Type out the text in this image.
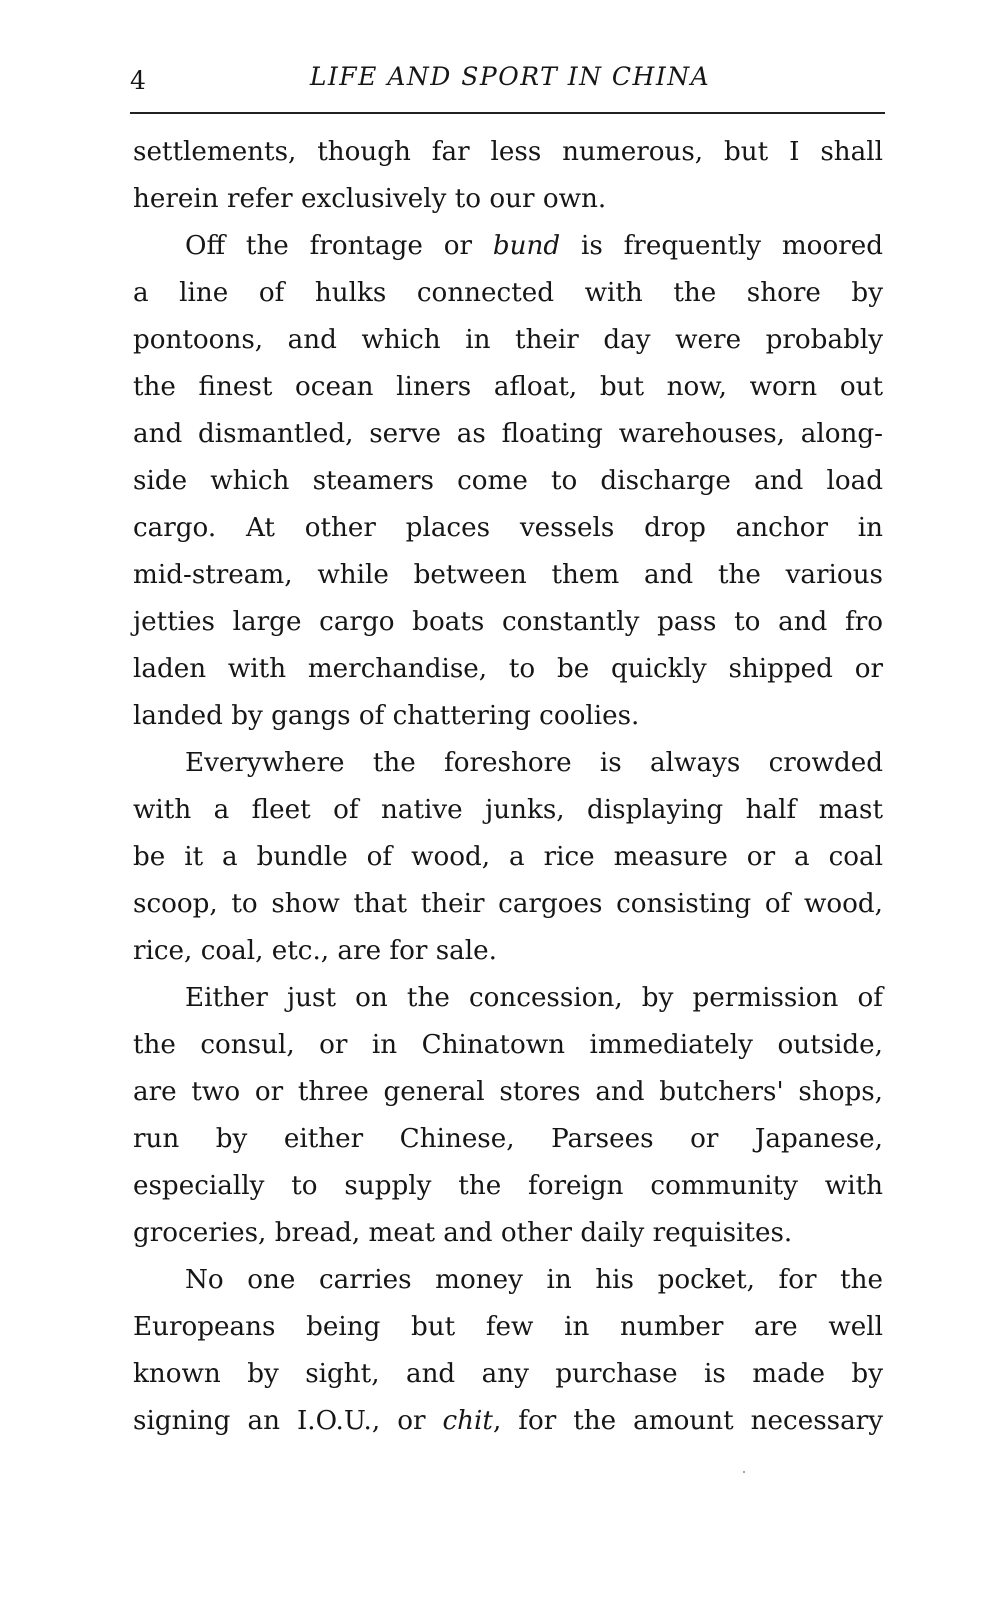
4	LIFE AND SPORT IN CHINA

settlements, though far less numerous, but I shall
herein refer exclusively to our own.

Off the frontage or bund is frequently moored
a line of hulks connected with the shore by
pontoons, and which in their day were probably
the finest ocean liners afloat, but now, worn out
and dismantled, serve as floating warehouses, along-
side which steamers come to discharge and load
cargo. At other places vessels drop anchor in
mid-stream, while between them and the various
jetties large cargo boats constantly pass to and fro
laden with merchandise, to be quickly shipped or
landed by gangs of chattering coolies.

Everywhere the foreshore is always crowded
with a fleet of native junks, displaying half mast
be it a bundle of wood, a rice measure or a coal
scoop, to show that their cargoes consisting of wood,
rice, coal, etc., are for sale.

Either just on the concession, by permission of
the consul, or in Chinatown immediately outside,
are two or three general stores and butchers' shops,
run by either Chinese, Parsees or Japanese,
especially to supply the foreign community with
groceries, bread, meat and other daily requisites.

No one carries money in his pocket, for the
Europeans being but few in number are well
known by sight, and any purchase is made by
signing an I.O.U., or chit, for the amount necessary
